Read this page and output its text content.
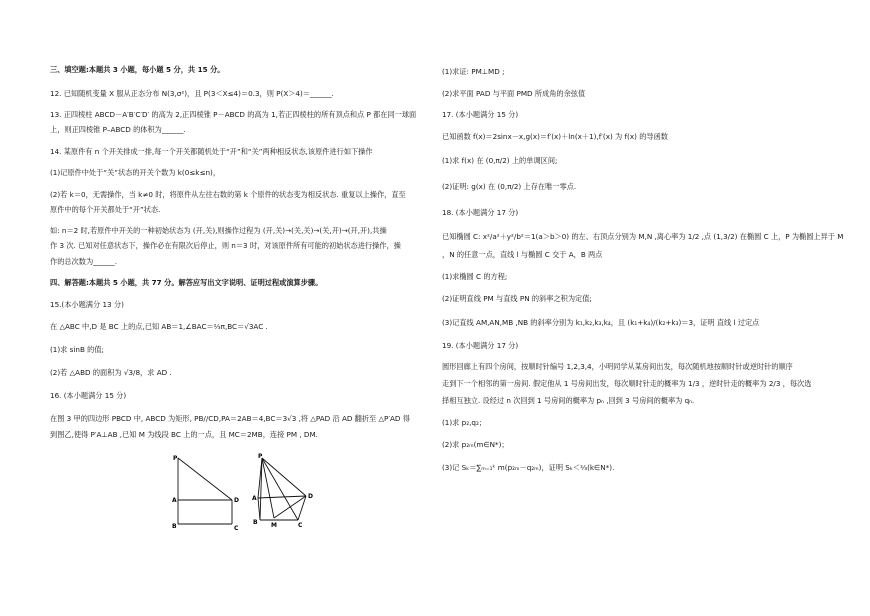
三、填空题:本题共 3 小题，每小题 5 分，共 15 分。
12. 已知随机变量 X 服从正态分布 N(3,σ²)，且 P(3＜X≤4)＝0.3，则 P(X＞4)＝______.
13. 正四棱柱 ABCD－A′B′C′D′ 的高为 2,正四棱锥 P－ABCD 的高为 1,若正四棱柱的所有顶点和点 P 都在同一球面
上，则正四棱锥 P–ABCD 的体积为______.
14. 某原件有 n 个开关排成一排,每一个开关都随机处于“开”和“关”两种相反状态,该原件进行如下操作
(1)记原件中处于“关”状态的开关个数为 k(0≤k≤n)，
(2)若 k＝0，无需操作，当 k≠0 时，将原件从左往右数的第 k 个原件的状态变为相反状态. 重复以上操作，直至
原件中的每个开关都处于“开”状态.
如: n＝2 时,若原件中开关的一种初始状态为 (开,关),则操作过程为 (开,关)→(关,关)→(关,开)→(开,开),共操
作 3 次. 已知对任意状态下，操作必在有限次后停止，则 n＝3 时，对该原件所有可能的初始状态进行操作，操
作的总次数为______.
四、解答题:本题共 5 小题，共 77 分。解答应写出文字说明、证明过程或演算步骤。
15.(本小题满分 13 分)
在 △ABC 中,D 是 BC 上的点,已知 AB＝1,∠BAC＝⅔π,BC＝√3AC .
(1)求 sinB 的值;
(2)若 △ABD 的面积为 √3/8，求 AD .
16. (本小题满分 15 分)
在图 3 甲的四边形 PBCD 中, ABCD 为矩形, PB//CD,PA＝2AB＝4,BC＝3√3 ,将 △PAD 沿 AD 翻折至 △P′AD 得
到图乙,使得 P′A⊥AB ,已知 M 为线段 BC 上的一点，且 MC＝2MB，连接 PM , DM.
P
A	D
B	C
P
A	D
B M	C
(1)求证: PM⊥MD ;
(2)求平面 PAD 与平面 PMD 所成角的余弦值
17. (本小题满分 15 分)
已知函数 f(x)＝2sinx－x,g(x)＝f′(x)＋ln(x＋1),f′(x) 为 f(x) 的导函数
(1)求 f(x) 在 (0,π/2) 上的单调区间;
(2)证明: g(x) 在 (0,π/2) 上存在唯一零点.
18. (本小题满分 17 分)
已知椭圆 C: x²/a²＋y²/b²＝1(a＞b＞0) 的左、右顶点分别为 M,N ,离心率为 1/2 ,点 (1,3/2) 在椭圆 C 上，P 为椭圆上异于 M
，N 的任意一点，直线 l 与椭圆 C 交于 A，B 两点
(1)求椭圆 C 的方程;
(2)证明直线 PM 与直线 PN 的斜率之积为定值;
(3)记直线 AM,AN,MB ,NB 的斜率分别为 k₁,k₂,k₃,k₄，且 (k₁+k₄)/(k₂+k₃)＝3，证明 直线 l 过定点
19. (本小题满分 17 分)
圆形回廊上有四个房间，按顺时针编号 1,2,3,4，小明同学从某房间出发，每次随机地按顺时针或逆时针的顺序
走到下一个相邻的第一房间. 假定他从 1 号房间出发，每次顺时针走的概率为 1/3 ，逆时针走的概率为 2/3 ，每次选
择相互独立. 设经过 n 次回到 1 号房间的概率为 pₙ ,回到 3 号房间的概率为 qₙ.
(1)求 p₂,q₂；
(2)求 p₂ₘ(m∈N*)；
(3)记 Sₖ＝∑ₘ₌₁ᵏ m(p₂ₘ－q₂ₘ)，证明 Sₖ＜⅔(k∈N*).
